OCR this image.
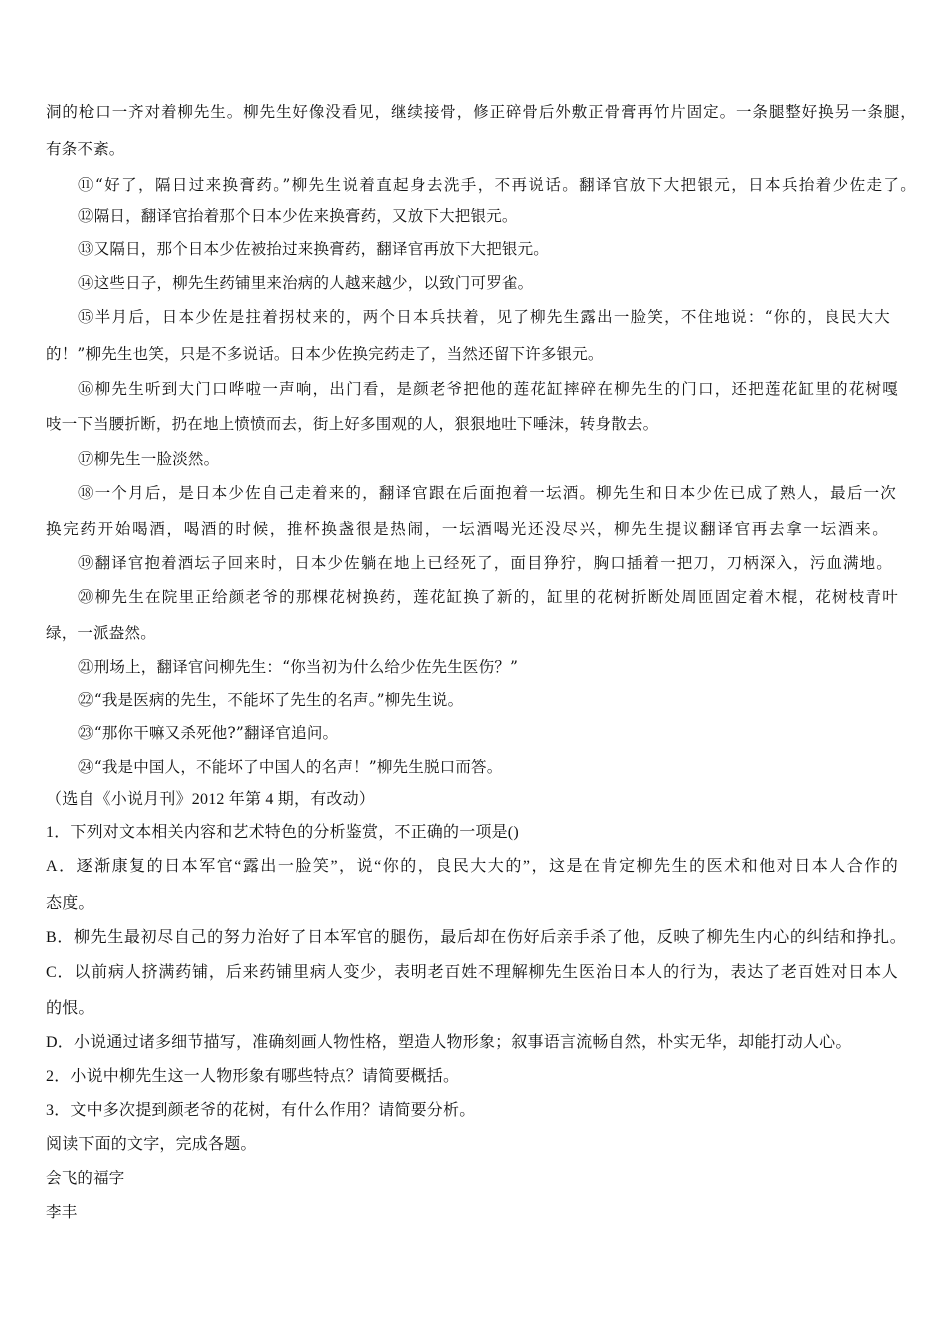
洞的枪口一齐对着柳先生。柳先生好像没看见，继续接骨，修正碎骨后外敷正骨膏再竹片固定。一条腿整好换另一条腿，
有条不紊。
⑪“好了，隔日过来换膏药。”柳先生说着直起身去洗手，不再说话。翻译官放下大把银元，日本兵抬着少佐走了。
⑫隔日，翻译官抬着那个日本少佐来换膏药，又放下大把银元。
⑬又隔日，那个日本少佐被抬过来换膏药，翻译官再放下大把银元。
⑭这些日子，柳先生药铺里来治病的人越来越少，以致门可罗雀。
⑮半月后，日本少佐是拄着拐杖来的，两个日本兵扶着，见了柳先生露出一脸笑，不住地说：“你的，良民大大
的！”柳先生也笑，只是不多说话。日本少佐换完药走了，当然还留下许多银元。
⑯柳先生听到大门口哗啦一声响，出门看，是颜老爷把他的莲花缸摔碎在柳先生的门口，还把莲花缸里的花树嘎
吱一下当腰折断，扔在地上愤愤而去，街上好多围观的人，狠狠地吐下唾沫，转身散去。
⑰柳先生一脸淡然。
⑱一个月后，是日本少佐自己走着来的，翻译官跟在后面抱着一坛酒。柳先生和日本少佐已成了熟人，最后一次
换完药开始喝酒，喝酒的时候，推杯换盏很是热闹，一坛酒喝光还没尽兴，柳先生提议翻译官再去拿一坛酒来。
⑲翻译官抱着酒坛子回来时，日本少佐躺在地上已经死了，面目狰狞，胸口插着一把刀，刀柄深入，污血满地。
⑳柳先生在院里正给颜老爷的那棵花树换药，莲花缸换了新的，缸里的花树折断处周匝固定着木棍，花树枝青叶
绿，一派盎然。
㉑刑场上，翻译官问柳先生：“你当初为什么给少佐先生医伤？”
㉒“我是医病的先生，不能坏了先生的名声。”柳先生说。
㉓“那你干嘛又杀死他?”翻译官追问。
㉔“我是中国人，不能坏了中国人的名声！”柳先生脱口而答。
（选自《小说月刊》2012 年第 4 期，有改动）
1．下列对文本相关内容和艺术特色的分析鉴赏，不正确的一项是()
A．逐渐康复的日本军官“露出一脸笑”，说“你的，良民大大的”，这是在肯定柳先生的医术和他对日本人合作的
态度。
B．柳先生最初尽自己的努力治好了日本军官的腿伤，最后却在伤好后亲手杀了他，反映了柳先生内心的纠结和挣扎。
C．以前病人挤满药铺，后来药铺里病人变少，表明老百姓不理解柳先生医治日本人的行为，表达了老百姓对日本人
的恨。
D．小说通过诸多细节描写，准确刻画人物性格，塑造人物形象；叙事语言流畅自然，朴实无华，却能打动人心。
2．小说中柳先生这一人物形象有哪些特点？请简要概括。
3．文中多次提到颜老爷的花树，有什么作用？请简要分析。
阅读下面的文字，完成各题。
会飞的福字
李丰
